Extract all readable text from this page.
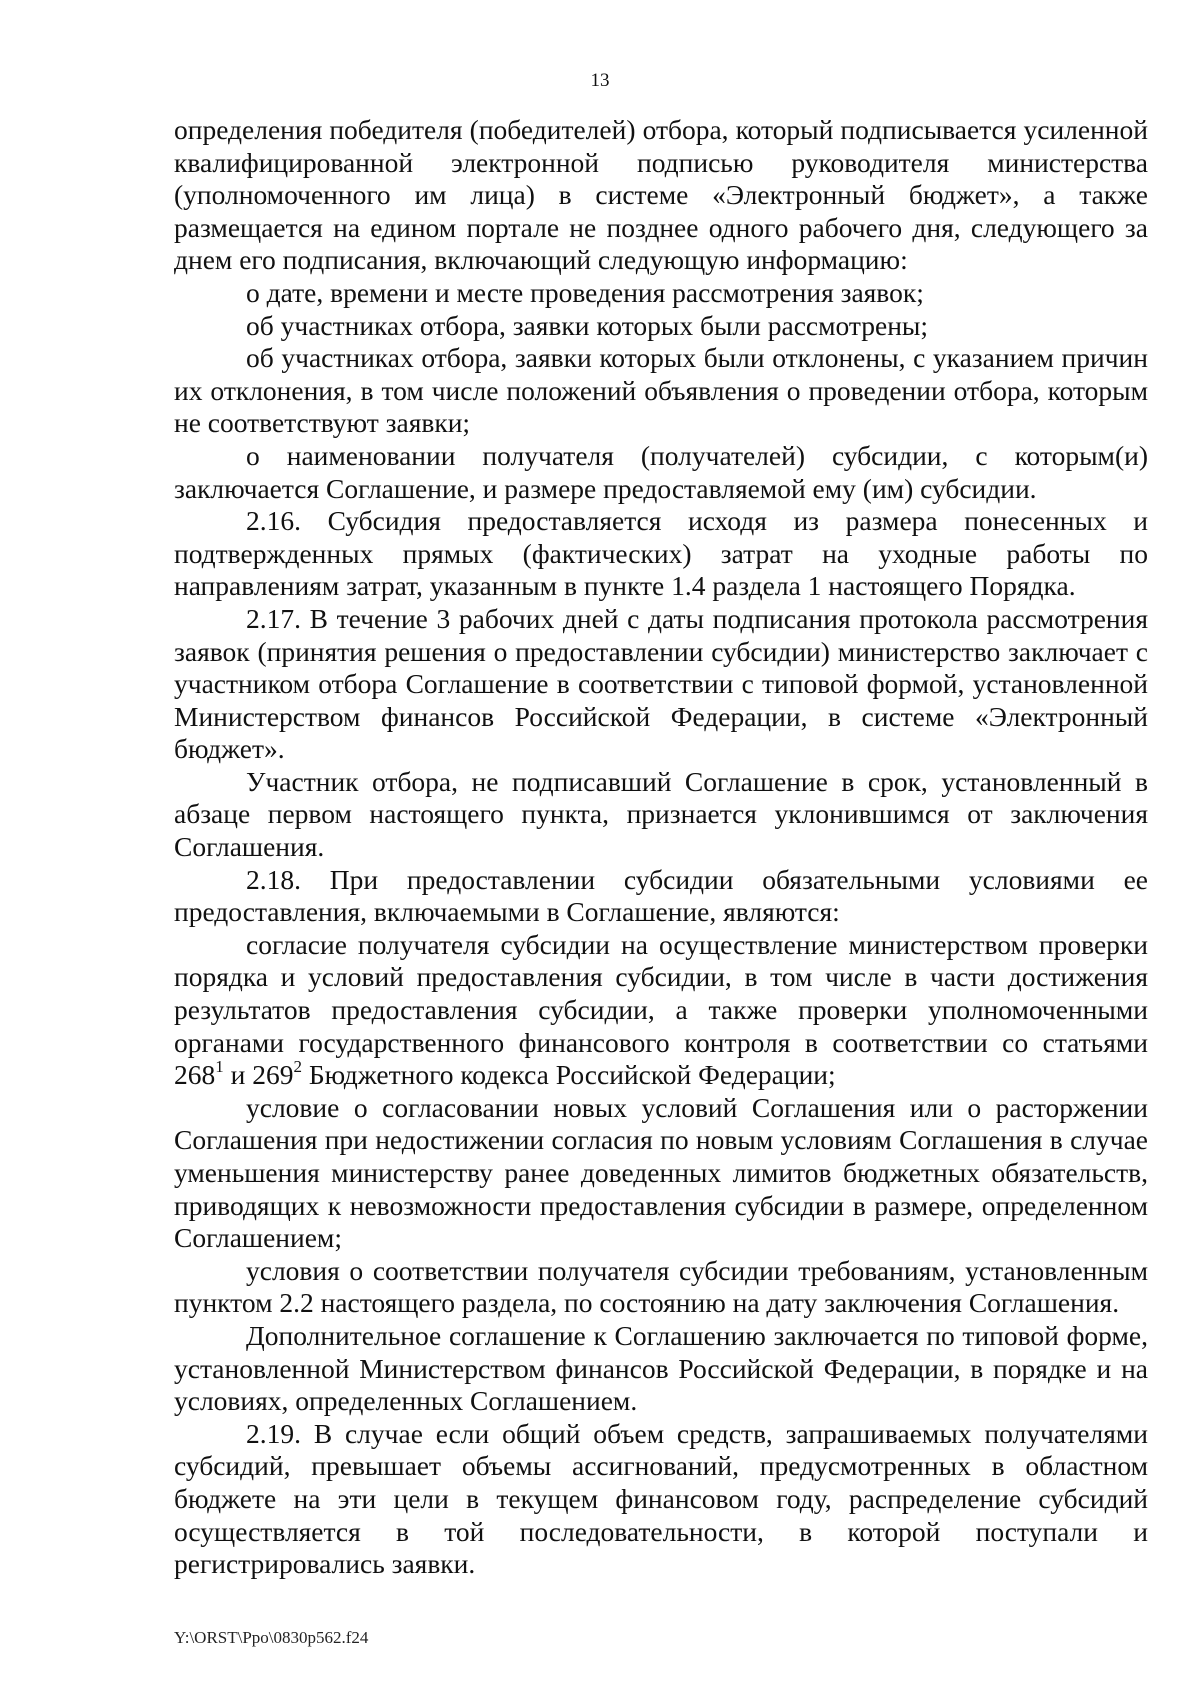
13

определения победителя (победителей) отбора, который подписывается усиленной квалифицированной электронной подписью руководителя министерства (уполномоченного им лица) в системе «Электронный бюджет», а также размещается на едином портале не позднее одного рабочего дня, следующего за днем его подписания, включающий следующую информацию:

о дате, времени и месте проведения рассмотрения заявок;

об участниках отбора, заявки которых были рассмотрены;

об участниках отбора, заявки которых были отклонены, с указанием причин их отклонения, в том числе положений объявления о проведении отбора, которым не соответствуют заявки;

о наименовании получателя (получателей) субсидии, с которым(и) заключается Соглашение, и размере предоставляемой ему (им) субсидии.

2.16. Субсидия предоставляется исходя из размера понесенных и подтвержденных прямых (фактических) затрат на уходные работы по направлениям затрат, указанным в пункте 1.4 раздела 1 настоящего Порядка.

2.17. В течение 3 рабочих дней с даты подписания протокола рассмотрения заявок (принятия решения о предоставлении субсидии) министерство заключает с участником отбора Соглашение в соответствии с типовой формой, установленной Министерством финансов Российской Федерации, в системе «Электронный бюджет».

Участник отбора, не подписавший Соглашение в срок, установленный в абзаце первом настоящего пункта, признается уклонившимся от заключения Соглашения.

2.18. При предоставлении субсидии обязательными условиями ее предоставления, включаемыми в Соглашение, являются:

согласие получателя субсидии на осуществление министерством проверки порядка и условий предоставления субсидии, в том числе в части достижения результатов предоставления субсидии, а также проверки уполномоченными органами государственного финансового контроля в соответствии со статьями $268^1$ и $269^2$ Бюджетного кодекса Российской Федерации;

условие о согласовании новых условий Соглашения или о расторжении Соглашения при недостижении согласия по новым условиям Соглашения в случае уменьшения министерству ранее доведенных лимитов бюджетных обязательств, приводящих к невозможности предоставления субсидии в размере, определенном Соглашением;

условия о соответствии получателя субсидии требованиям, установленным пунктом 2.2 настоящего раздела, по состоянию на дату заключения Соглашения.

Дополнительное соглашение к Соглашению заключается по типовой форме, установленной Министерством финансов Российской Федерации, в порядке и на условиях, определенных Соглашением.

2.19. В случае если общий объем средств, запрашиваемых получателями субсидий, превышает объемы ассигнований, предусмотренных в областном бюджете на эти цели в текущем финансовом году, распределение субсидий осуществляется в той последовательности, в которой поступали и регистрировались заявки.

Y:\ORST\Ppo\0830p562.f24
